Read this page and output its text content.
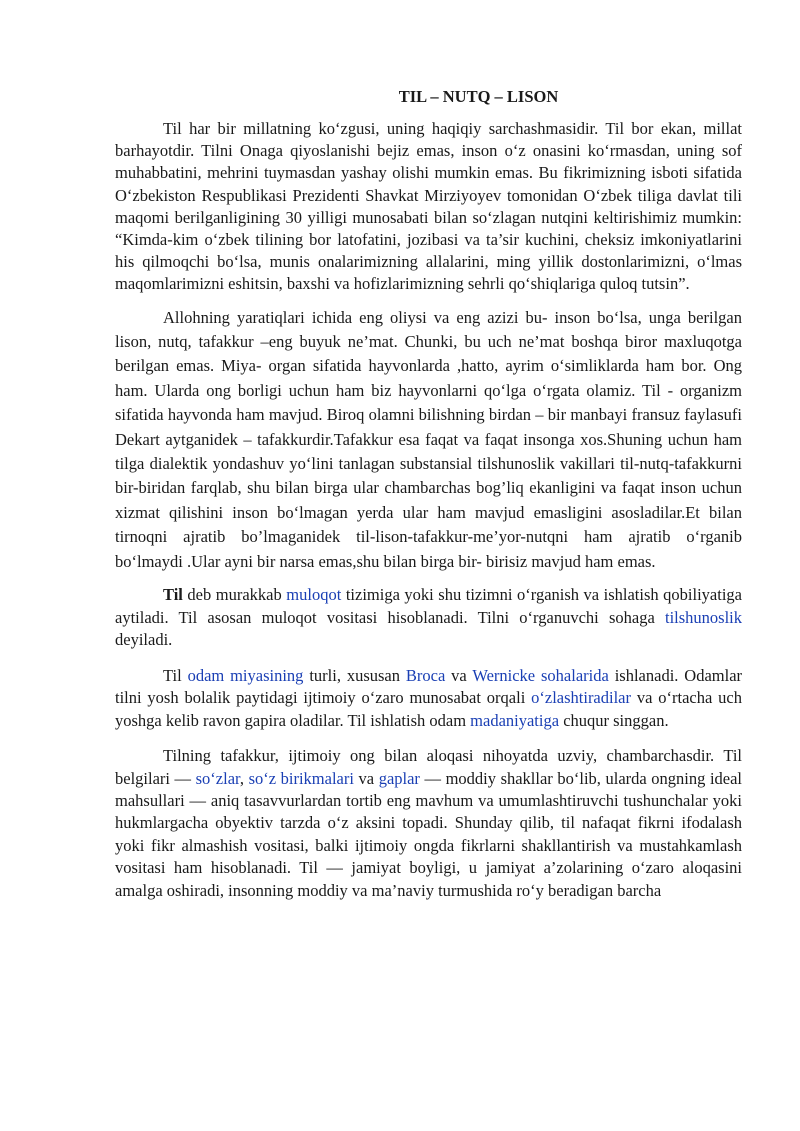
TIL – NUTQ – LISON

Til har bir millatning ko‘zgusi, uning haqiqiy sarchashmasidir. Til bor ekan, millat barhayotdir. Tilni Onaga qiyoslanishi bejiz emas, inson o‘z onasini ko‘rmasdan, uning sof muhabbatini, mehrini tuymasdan yashay olishi mumkin emas. Bu fikrimizning isboti sifatida O‘zbekiston Respublikasi Prezidenti Shavkat Mirziyoyev tomonidan O‘zbek tiliga davlat tili maqomi berilganligining 30 yilligi munosabati bilan so‘zlagan nutqini keltirishimiz mumkin: “Kimda-kim o‘zbek tilining bor latofatini, jozibasi va ta’sir kuchini, cheksiz imkoniyatlarini his qilmoqchi bo‘lsa, munis onalarimizning allalarini, ming yillik dostonlarimizni, o‘lmas maqomlarimizni eshitsin, baxshi va hofizlarimizning sehrli qo‘shiqlariga quloq tutsin”.

Allohning yaratiqlari ichida eng oliysi va eng azizi bu- inson bo‘lsa, unga berilgan lison, nutq, tafakkur –eng buyuk ne’mat. Chunki, bu uch ne’mat boshqa biror maxluqotga berilgan emas. Miya- organ sifatida hayvonlarda ,hatto, ayrim o‘simliklarda ham bor. Ong ham. Ularda ong borligi uchun ham biz hayvonlarni qo‘lga o‘rgata olamiz. Til - organizm sifatida hayvonda ham mavjud. Biroq olamni bilishning birdan – bir manbayi fransuz faylasufi Dekart aytganidek – tafakkurdir.Tafakkur esa faqat va faqat insonga xos.Shuning uchun ham tilga dialektik yondashuv yo‘lini tanlagan substansial tilshunoslik vakillari til-nutq-tafakkurni bir-biridan farqlab, shu bilan birga ular chambarchas bog’liq ekanligini va faqat inson uchun xizmat qilishini inson bo‘lmagan yerda ular ham mavjud emasligini asosladilar.Et bilan tirnoqni ajratib bo’lmaganidek til-lison-tafakkur-me’yor-nutqni ham ajratib o‘rganib bo‘lmaydi .Ular ayni bir narsa emas,shu bilan birga bir- birisiz mavjud ham emas.

Til deb murakkab muloqot tizimiga yoki shu tizimni o‘rganish va ishlatish qobiliyatiga aytiladi. Til asosan muloqot vositasi hisoblanadi. Tilni o‘rganuvchi sohaga tilshunoslik deyiladi.

Til odam miyasining turli, xususan Broca va Wernicke sohalarida ishlanadi. Odamlar tilni yosh bolalik paytidagi ijtimoiy o‘zaro munosabat orqali o‘zlashtiradilar va o‘rtacha uch yoshga kelib ravon gapira oladilar. Til ishlatish odam madaniyatiga chuqur singgan.

Tilning tafakkur, ijtimoiy ong bilan aloqasi nihoyatda uzviy, chambarchasdir. Til belgilari — so‘zlar, so‘z birikmalari va gaplar — moddiy shakllar bo‘lib, ularda ongning ideal mahsullari — aniq tasavvurlardan tortib eng mavhum va umumlashtiruvchi tushunchalar yoki hukmlargacha obyektiv tarzda o‘z aksini topadi. Shunday qilib, til nafaqat fikrni ifodalash yoki fikr almashish vositasi, balki ijtimoiy ongda fikrlarni shakllantirish va mustahkamlash vositasi ham hisoblanadi. Til — jamiyat boyligi, u jamiyat a’zolarining o‘zaro aloqasini amalga oshiradi, insonning moddiy va ma’naviy turmushida ro‘y beradigan barcha
